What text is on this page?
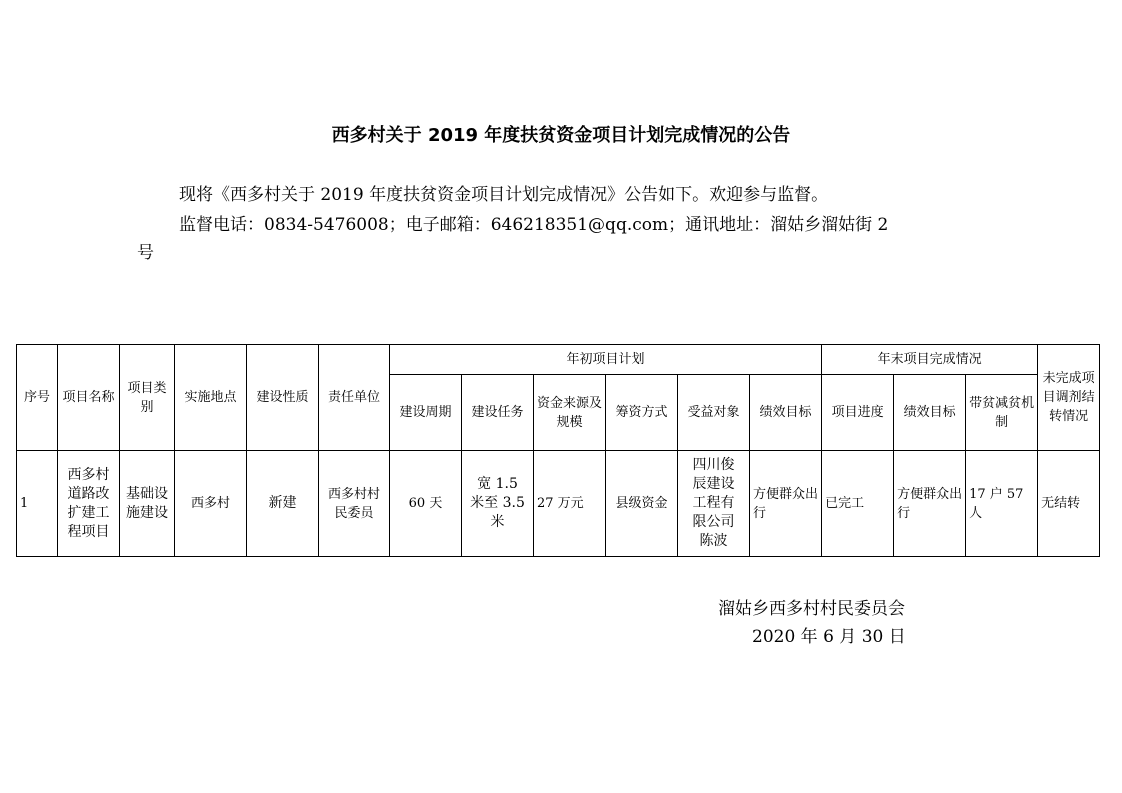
西多村关于 2019 年度扶贫资金项目计划完成情况的公告
现将《西多村关于 2019 年度扶贫资金项目计划完成情况》公告如下。欢迎参与监督。
监督电话：0834-5476008；电子邮箱：646218351@qq.com；通讯地址：溜姑乡溜姑街 2
号
序号	项目名称	项目类别	实施地点	建设性质	责任单位	年初项目计划						年末项目完成情况			未完成项目调剂结转情况
						建设周期	建设任务	资金来源及规模	筹资方式	受益对象	绩效目标	项目进度	绩效目标	带贫减贫机制	
1	西多村道路改扩建工程项目	基础设施建设	西多村	新建	西多村村民委员	60 天	宽 1.5 米至 3.5 米	27 万元	县级资金	四川俊辰建设工程有限公司陈波	方便群众出行	已完工	方便群众出行	17 户 57 人	无结转
溜姑乡西多村村民委员会
2020 年 6 月 30 日
